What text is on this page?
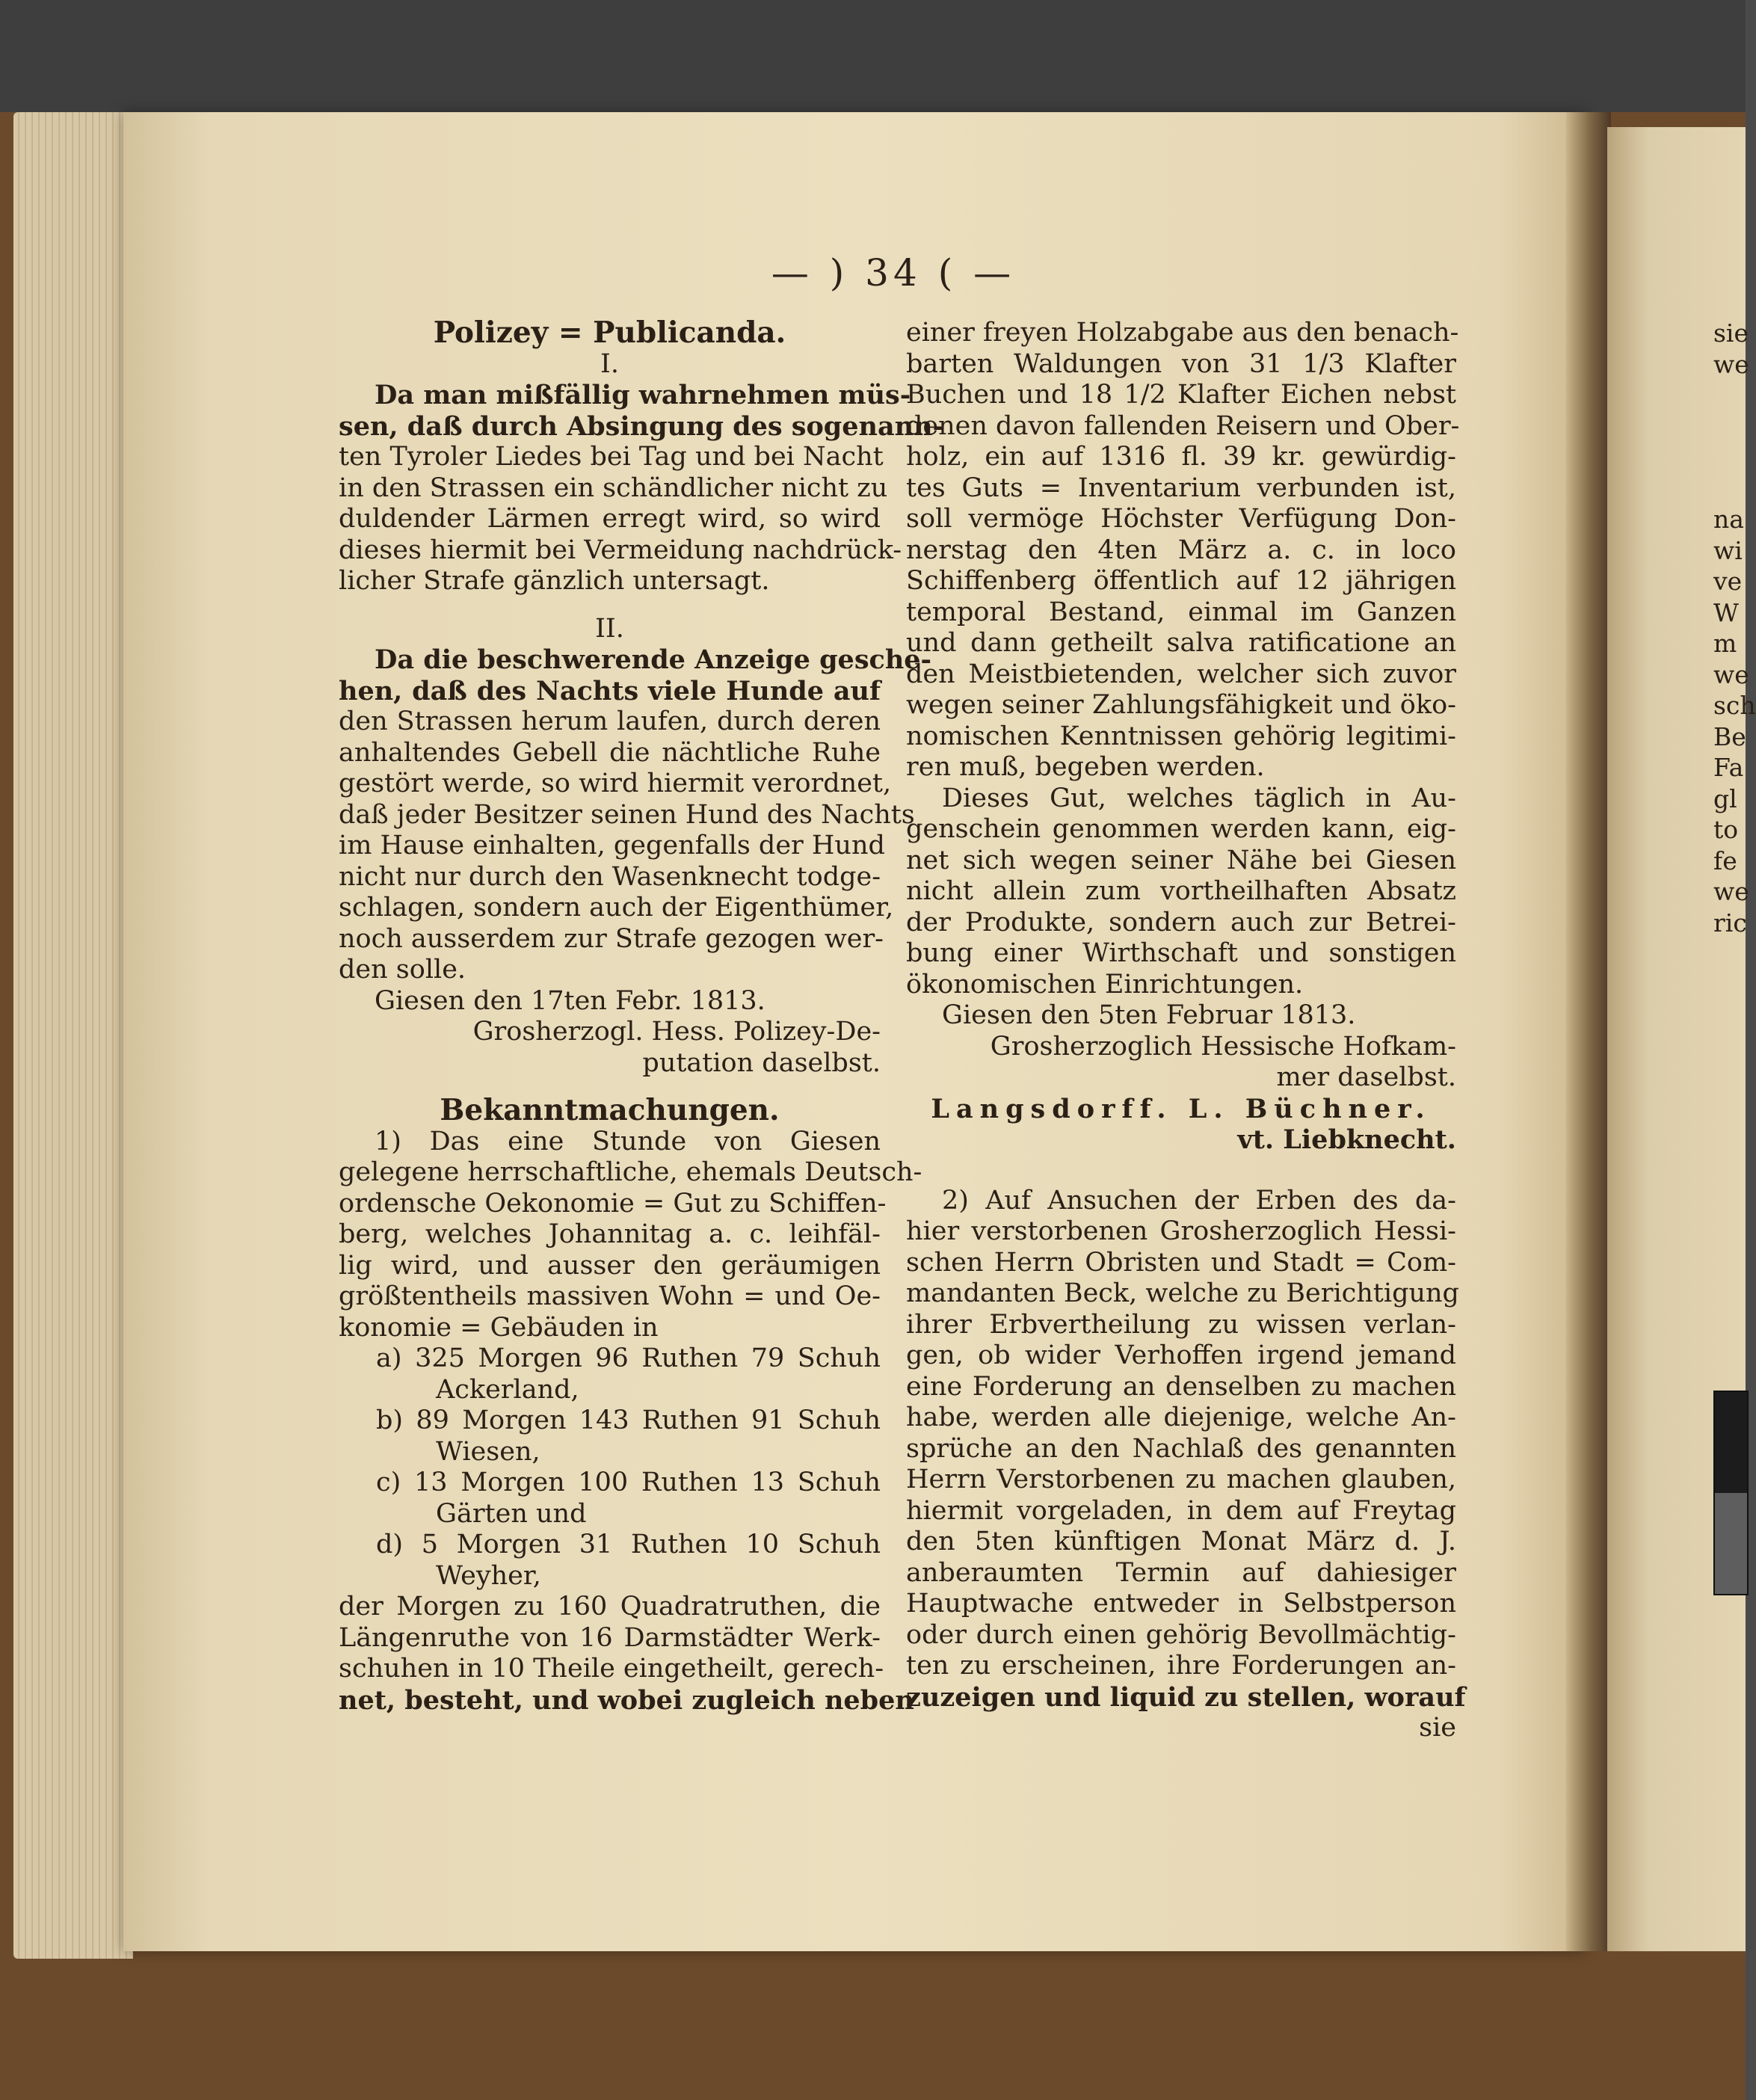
— ) 34 ( —
Polizey = Publicanda.
I.
Da man mißfällig wahrnehmen müs-
sen, daß durch Absingung des sogenann-
ten Tyroler Liedes bei Tag und bei Nacht
in den Strassen ein schändlicher nicht zu
duldender Lärmen erregt wird, so wird
dieses hiermit bei Vermeidung nachdrück-
licher Strafe gänzlich untersagt.
II.
Da die beschwerende Anzeige gesche-
hen, daß des Nachts viele Hunde auf
den Strassen herum laufen, durch deren
anhaltendes Gebell die nächtliche Ruhe
gestört werde, so wird hiermit verordnet,
daß jeder Besitzer seinen Hund des Nachts
im Hause einhalten, gegenfalls der Hund
nicht nur durch den Wasenknecht todge-
schlagen, sondern auch der Eigenthümer,
noch ausserdem zur Strafe gezogen wer-
den solle.
Giesen den 17ten Febr. 1813.
Grosherzogl. Hess. Polizey-De-
putation daselbst.
Bekanntmachungen.
1) Das eine Stunde von Giesen
gelegene herrschaftliche, ehemals Deutsch-
ordensche Oekonomie = Gut zu Schiffen-
berg, welches Johannitag a. c. leihfäl-
lig wird, und ausser den geräumigen
größtentheils massiven Wohn = und Oe-
konomie = Gebäuden in
a) 325 Morgen 96 Ruthen 79 Schuh
Ackerland,
b) 89 Morgen 143 Ruthen 91 Schuh
Wiesen,
c) 13 Morgen 100 Ruthen 13 Schuh
Gärten und
d) 5 Morgen 31 Ruthen 10 Schuh
Weyher,
der Morgen zu 160 Quadratruthen, die
Längenruthe von 16 Darmstädter Werk-
schuhen in 10 Theile eingetheilt, gerech-
net, besteht, und wobei zugleich neben
einer freyen Holzabgabe aus den benach-
barten Waldungen von 31 1/3 Klafter
Buchen und 18 1/2 Klafter Eichen nebst
denen davon fallenden Reisern und Ober-
holz, ein auf 1316 fl. 39 kr. gewürdig-
tes Guts = Inventarium verbunden ist,
soll vermöge Höchster Verfügung Don-
nerstag den 4ten März a. c. in loco
Schiffenberg öffentlich auf 12 jährigen
temporal Bestand, einmal im Ganzen
und dann getheilt salva ratificatione an
den Meistbietenden, welcher sich zuvor
wegen seiner Zahlungsfähigkeit und öko-
nomischen Kenntnissen gehörig legitimi-
ren muß, begeben werden.
Dieses Gut, welches täglich in Au-
genschein genommen werden kann, eig-
net sich wegen seiner Nähe bei Giesen
nicht allein zum vortheilhaften Absatz
der Produkte, sondern auch zur Betrei-
bung einer Wirthschaft und sonstigen
ökonomischen Einrichtungen.
Giesen den 5ten Februar 1813.
Grosherzoglich Hessische Hofkam-
mer daselbst.
Langsdorff. L. Büchner.
vt. Liebknecht.
2) Auf Ansuchen der Erben des da-
hier verstorbenen Grosherzoglich Hessi-
schen Herrn Obristen und Stadt = Com-
mandanten Beck, welche zu Berichtigung
ihrer Erbvertheilung zu wissen verlan-
gen, ob wider Verhoffen irgend jemand
eine Forderung an denselben zu machen
habe, werden alle diejenige, welche An-
sprüche an den Nachlaß des genannten
Herrn Verstorbenen zu machen glauben,
hiermit vorgeladen, in dem auf Freytag
den 5ten künftigen Monat März d. J.
anberaumten Termin auf dahiesiger
Hauptwache entweder in Selbstperson
oder durch einen gehörig Bevollmächtig-
ten zu erscheinen, ihre Forderungen an-
zuzeigen und liquid zu stellen, worauf
sie
sie
we
na
wi
ve
W
m
we
sch
Be
Fa
gl
to
fe
we
ric
